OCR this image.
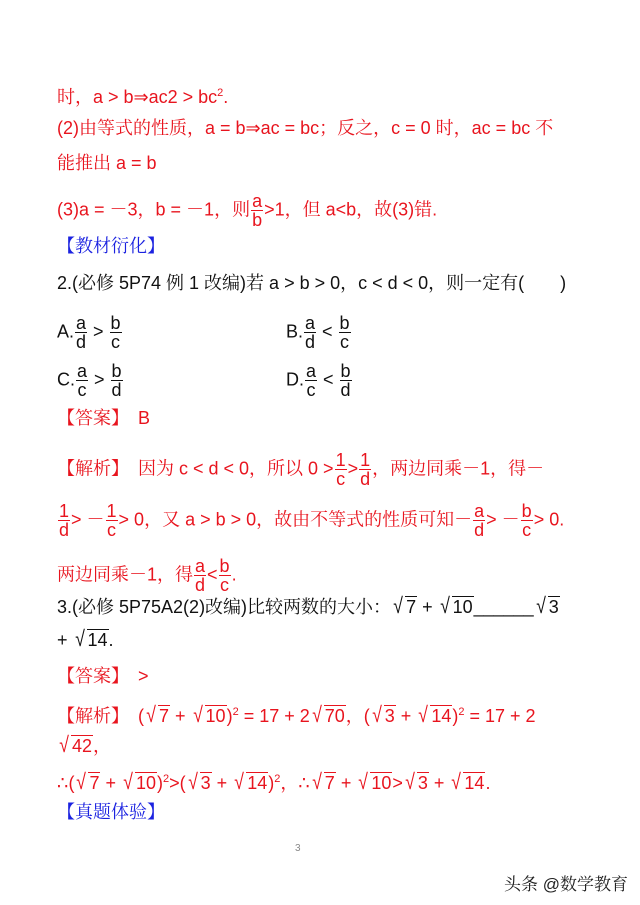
时，a > b⇒ac2 > $bc^2$.
(2)由等式的性质，a = b⇒ac = bc；反之，c = 0 时，ac = bc 不
能推出 a = b
(3)a = －3，b = －1，则 $\frac{a}{b} >1$，但 a<b，故(3)错.
【教材衍化】
2.(必修 5P74 例 1 改编)若 a > b > 0，c < d < 0，则一定有(　　)
A. $\frac{a}{d} > \frac{b}{c}$	B. $\frac{a}{d} < \frac{b}{c}$
C. $\frac{a}{c} > \frac{b}{d}$	D. $\frac{a}{c} < \frac{b}{d}$
【答案】　B
【解析】　因为 c < d < 0，所以 $0 > \frac{1}{c} > \frac{1}{d}$ ，两边同乘－1，得－
$\frac{1}{d}$ > － $\frac{1}{c} > 0$，又 a > b > 0，故由不等式的性质可知－ $\frac{a}{d}$ > － $\frac{b}{c} > 0$.
两边同乘－1，得 $\frac{a}{d} < \frac{b}{c}$ .
3.(必修 5P75A2(2)改编)比较两数的大小： √ 7 + √ 10______ √ 3
+ √ 14.
【答案】　>
【解析】　( √ 7 + √ 10)$^2$ = 17 + 2 √ 70，( √ 3 + √ 14)$^2$ = 17 + 2
√ 42，
∴( √ 7 + √ 10)$^2$>( √ 3 + √ 14)$^2$，∴ √ 7 + √ 10> √ 3 + √ 14.
【真题体验】
3
头条 @数学教育
